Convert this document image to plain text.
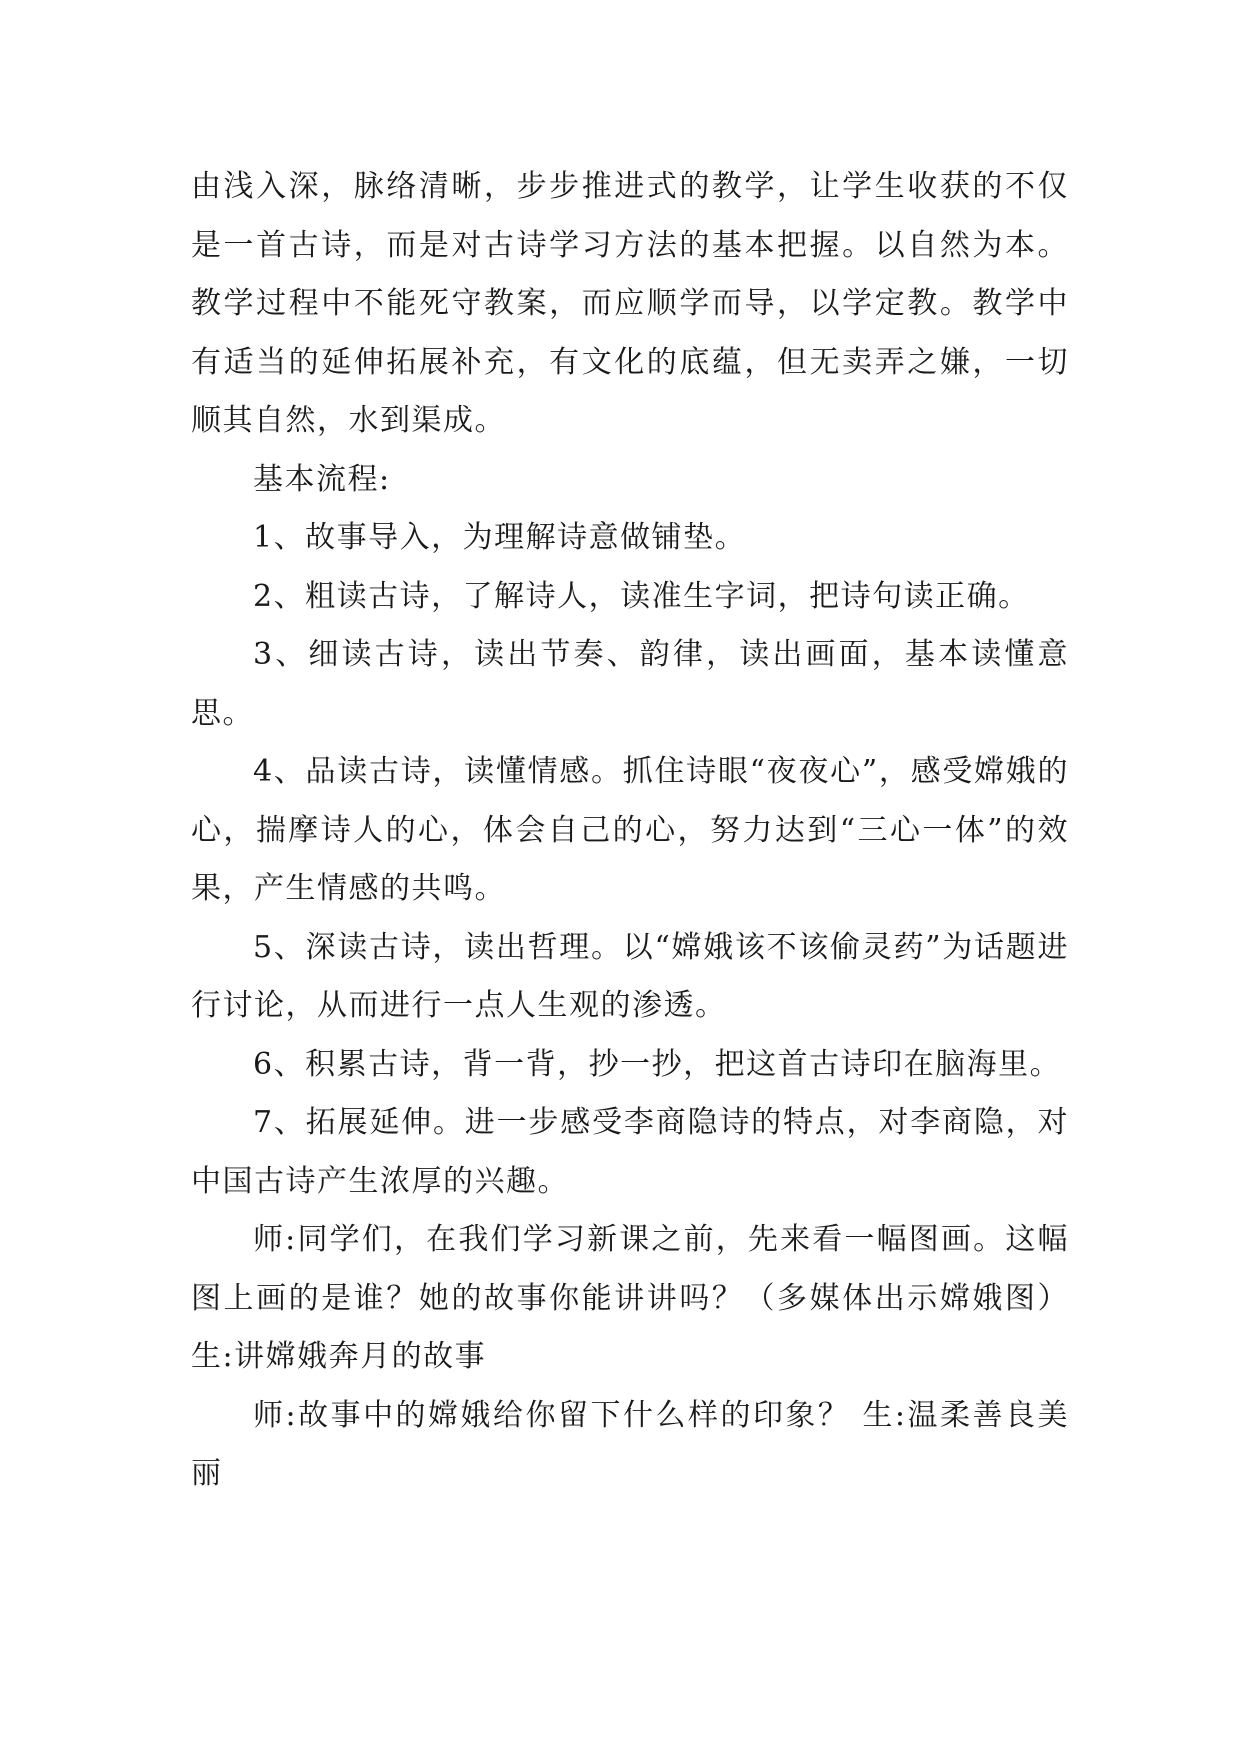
由浅入深，脉络清晰，步步推进式的教学，让学生收获的不仅是一首古诗，而是对古诗学习方法的基本把握。以自然为本。教学过程中不能死守教案，而应顺学而导，以学定教。教学中有适当的延伸拓展补充，有文化的底蕴，但无卖弄之嫌，一切顺其自然，水到渠成。

基本流程:

1、故事导入，为理解诗意做铺垫。

2、粗读古诗，了解诗人，读准生字词，把诗句读正确。

3、细读古诗，读出节奏、韵律，读出画面，基本读懂意思。

4、品读古诗，读懂情感。抓住诗眼“夜夜心”，感受嫦娥的心，揣摩诗人的心，体会自己的心，努力达到“三心一体”的效果，产生情感的共鸣。

5、深读古诗，读出哲理。以“嫦娥该不该偷灵药”为话题进行讨论，从而进行一点人生观的渗透。

6、积累古诗，背一背，抄一抄，把这首古诗印在脑海里。

7、拓展延伸。进一步感受李商隐诗的特点，对李商隐，对中国古诗产生浓厚的兴趣。

师:同学们，在我们学习新课之前，先来看一幅图画。这幅图上画的是谁？她的故事你能讲讲吗？（多媒体出示嫦娥图）生:讲嫦娥奔月的故事

师:故事中的嫦娥给你留下什么样的印象？ 生:温柔善良美丽
